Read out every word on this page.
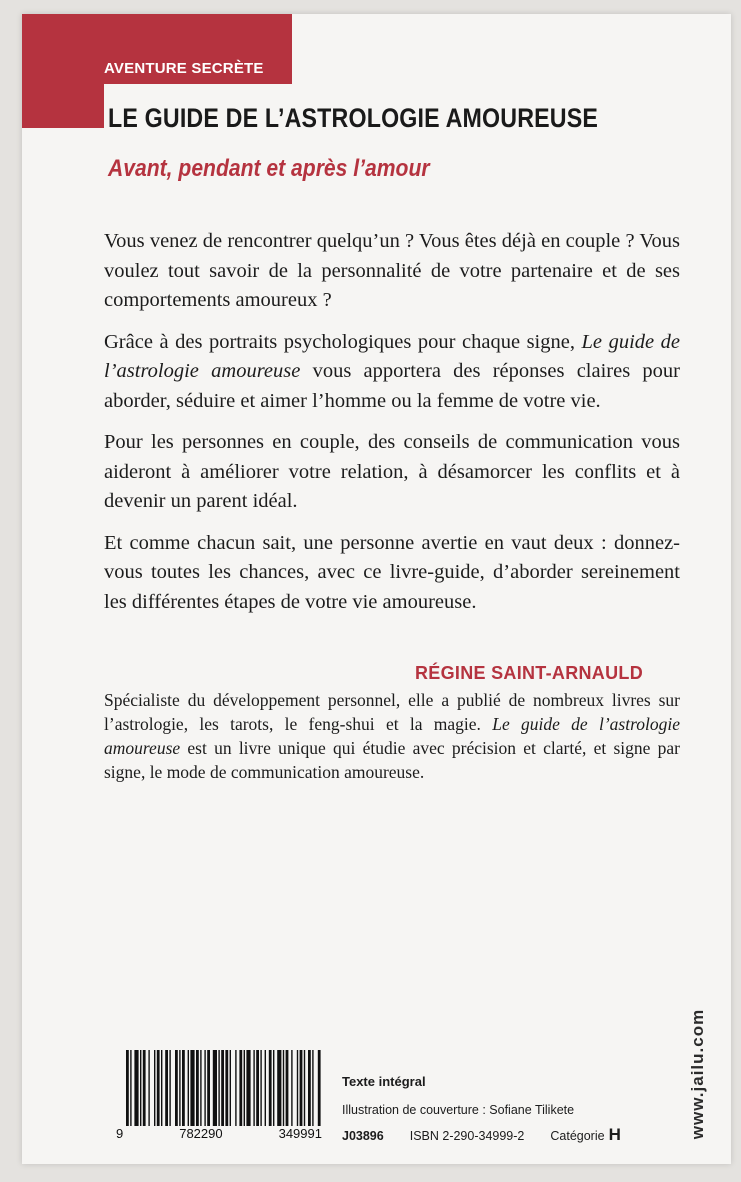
AVENTURE SECRÈTE
LE GUIDE DE L’ASTROLOGIE AMOUREUSE
Avant, pendant et après l’amour

Vous venez de rencontrer quelqu’un ? Vous êtes déjà en couple ? Vous voulez tout savoir de la personnalité de votre partenaire et de ses comportements amoureux ?

Grâce à des portraits psychologiques pour chaque signe, Le guide de l’astrologie amoureuse vous apportera des réponses claires pour aborder, séduire et aimer l’homme ou la femme de votre vie.

Pour les personnes en couple, des conseils de communication vous aideront à améliorer votre relation, à désamorcer les conflits et à devenir un parent idéal.

Et comme chacun sait, une personne avertie en vaut deux : donnez-vous toutes les chances, avec ce livre-guide, d’aborder sereinement les différentes étapes de votre vie amoureuse.

RÉGINE SAINT-ARNAULD
Spécialiste du développement personnel, elle a publié de nombreux livres sur l’astrologie, les tarots, le feng-shui et la magie. Le guide de l’astrologie amoureuse est un livre unique qui étudie avec précision et clarté, et signe par signe, le mode de communication amoureuse.
www.jailu.com
9	782290	349991
Texte intégral
Illustration de couverture : Sofiane Tilikete
J03896 ISBN 2-290-34999-2 Catégorie H
